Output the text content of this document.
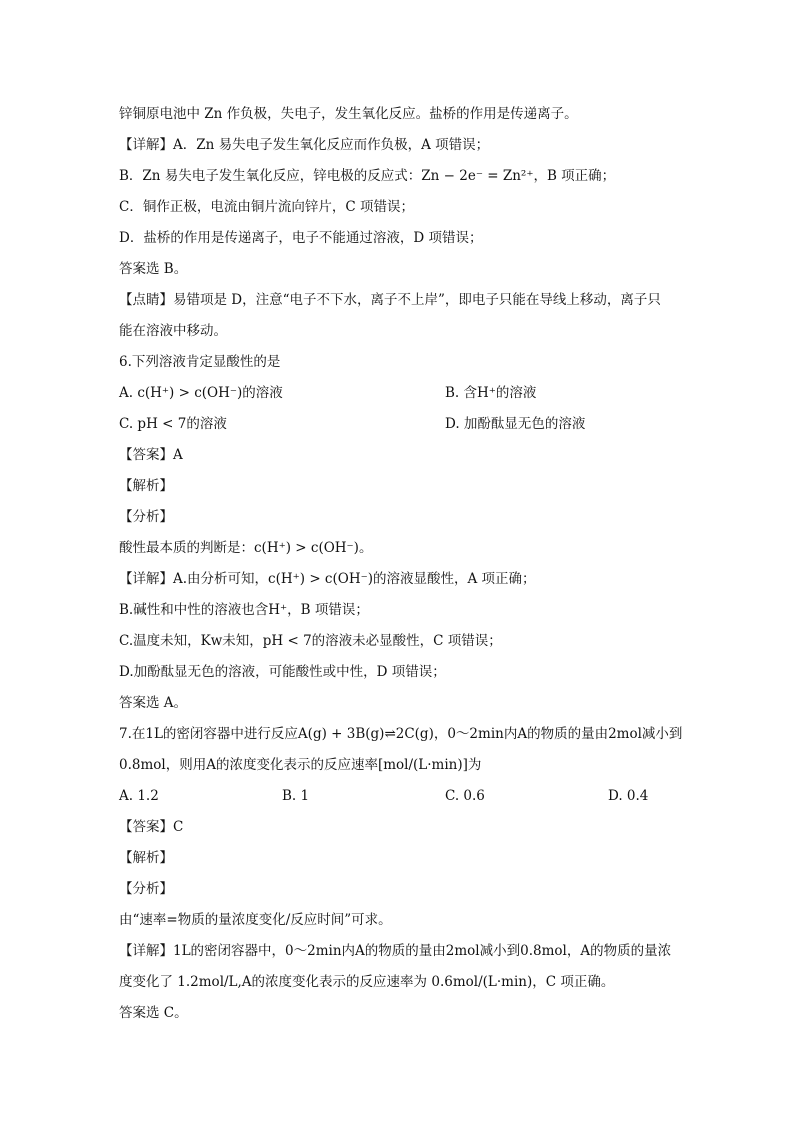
锌铜原电池中 Zn 作负极，失电子，发生氧化反应。盐桥的作用是传递离子。
【详解】A．Zn 易失电子发生氧化反应而作负极，A 项错误；
B．Zn 易失电子发生氧化反应，锌电极的反应式：Zn − 2e⁻ = Zn²⁺，B 项正确；
C．铜作正极，电流由铜片流向锌片，C 项错误；
D．盐桥的作用是传递离子，电子不能通过溶液，D 项错误；
答案选 B。
【点睛】易错项是 D，注意“电子不下水，离子不上岸”，即电子只能在导线上移动，离子只
能在溶液中移动。
6.下列溶液肯定显酸性的是
A. c(H⁺) > c(OH⁻)的溶液	B. 含H⁺的溶液
C. pH < 7的溶液	D. 加酚酞显无色的溶液
【答案】A
【解析】
【分析】
酸性最本质的判断是：c(H⁺) > c(OH⁻)。
【详解】A.由分析可知，c(H⁺) > c(OH⁻)的溶液显酸性，A 项正确；
B.碱性和中性的溶液也含H⁺，B 项错误；
C.温度未知，Kw未知，pH < 7的溶液未必显酸性，C 项错误；
D.加酚酞显无色的溶液，可能酸性或中性，D 项错误；
答案选 A。
7.在1L的密闭容器中进行反应A(g) + 3B(g)⇌2C(g)，0～2min内A的物质的量由2mol减小到
0.8mol，则用A的浓度变化表示的反应速率[mol/(L·min)]为
A. 1.2	B. 1	C. 0.6	D. 0.4
【答案】C
【解析】
【分析】
由“速率=物质的量浓度变化/反应时间”可求。
【详解】1L的密闭容器中，0～2min内A的物质的量由2mol减小到0.8mol，A的物质的量浓
度变化了 1.2mol/L,A的浓度变化表示的反应速率为 0.6mol/(L·min)，C 项正确。
答案选 C。
